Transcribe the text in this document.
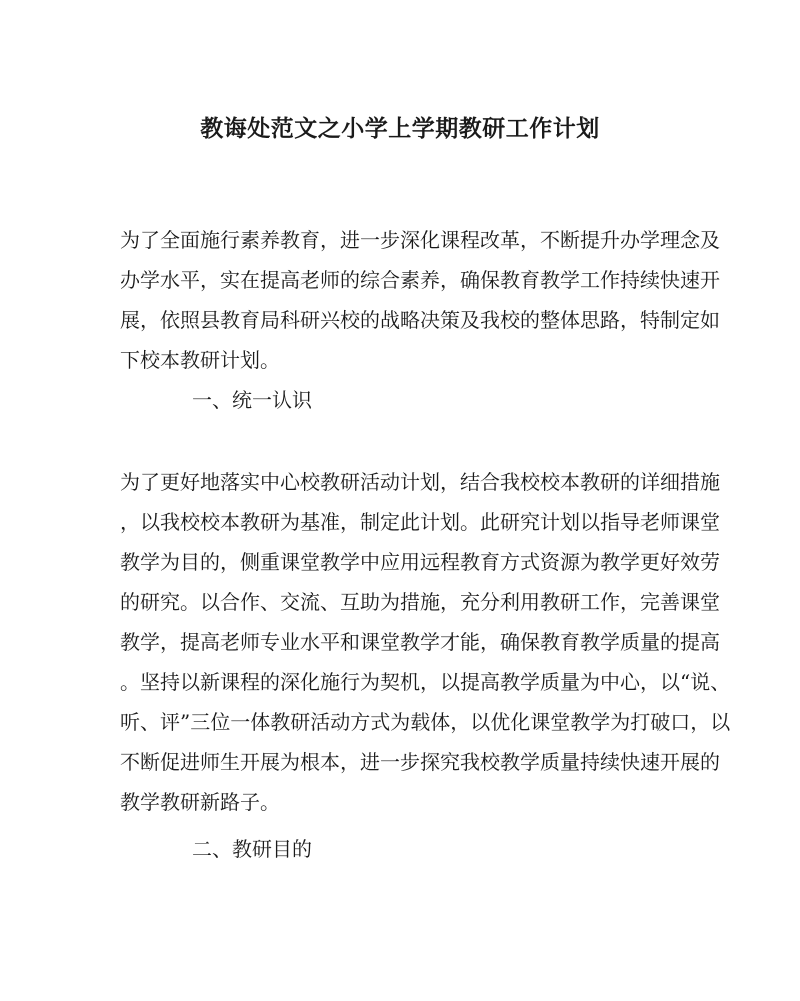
教诲处范文之小学上学期教研工作计划
为了全面施行素养教育，进一步深化课程改革，不断提升办学理念及
办学水平，实在提高老师的综合素养，确保教育教学工作持续快速开
展，依照县教育局科研兴校的战略决策及我校的整体思路，特制定如
下校本教研计划。

一、统一认识

为了更好地落实中心校教研活动计划，结合我校校本教研的详细措施
，以我校校本教研为基准，制定此计划。此研究计划以指导老师课堂
教学为目的，侧重课堂教学中应用远程教育方式资源为教学更好效劳
的研究。以合作、交流、互助为措施，充分利用教研工作，完善课堂
教学，提高老师专业水平和课堂教学才能，确保教育教学质量的提高
。坚持以新课程的深化施行为契机，以提高教学质量为中心，以“说、
听、评”三位一体教研活动方式为载体，以优化课堂教学为打破口，以
不断促进师生开展为根本，进一步探究我校教学质量持续快速开展的
教学教研新路子。

二、教研目的
